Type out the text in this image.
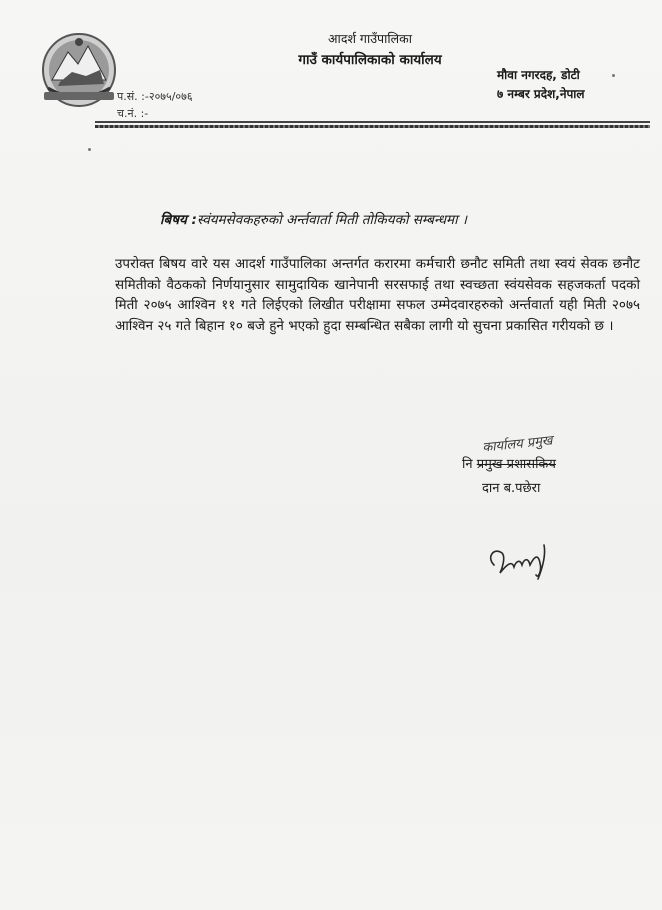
आदर्श गाउँपालिका
गाउँ कार्यपालिकाको कार्यालय
मौवा नगरदह, डोटी
७ नम्बर प्रदेश,नेपाल
प.सं. :-२०७५/०७६
च.नं. :-
बिषय :स्वंयमसेवकहरुको अर्न्तवार्ता मिती तोकियको सम्बन्धमा ।
उपरोक्त बिषय वारे यस आदर्श गाउँपालिका अन्तर्गत करारमा कर्मचारी छनौट समिती तथा स्वयं सेवक छनौट समितीको वैठकको निर्णयानुसार सामुदायिक खानेपानी सरसफाई तथा स्वच्छता स्वंयसेवक सहजकर्ता पदको मिती २०७५ आश्विन ११ गते लिईएको लिखीत परीक्षामा सफल उम्मेदवारहरुको अर्न्तवार्ता यही मिती २०७५ आश्विन २५ गते बिहान १० बजे हुने भएको हुदा सम्बन्धित सबैका लागी यो सुचना प्रकासित गरीयको छ ।
कार्यालय प्रमुख
नि प्रमुख प्रशासकिय
दान ब.पछेरा
